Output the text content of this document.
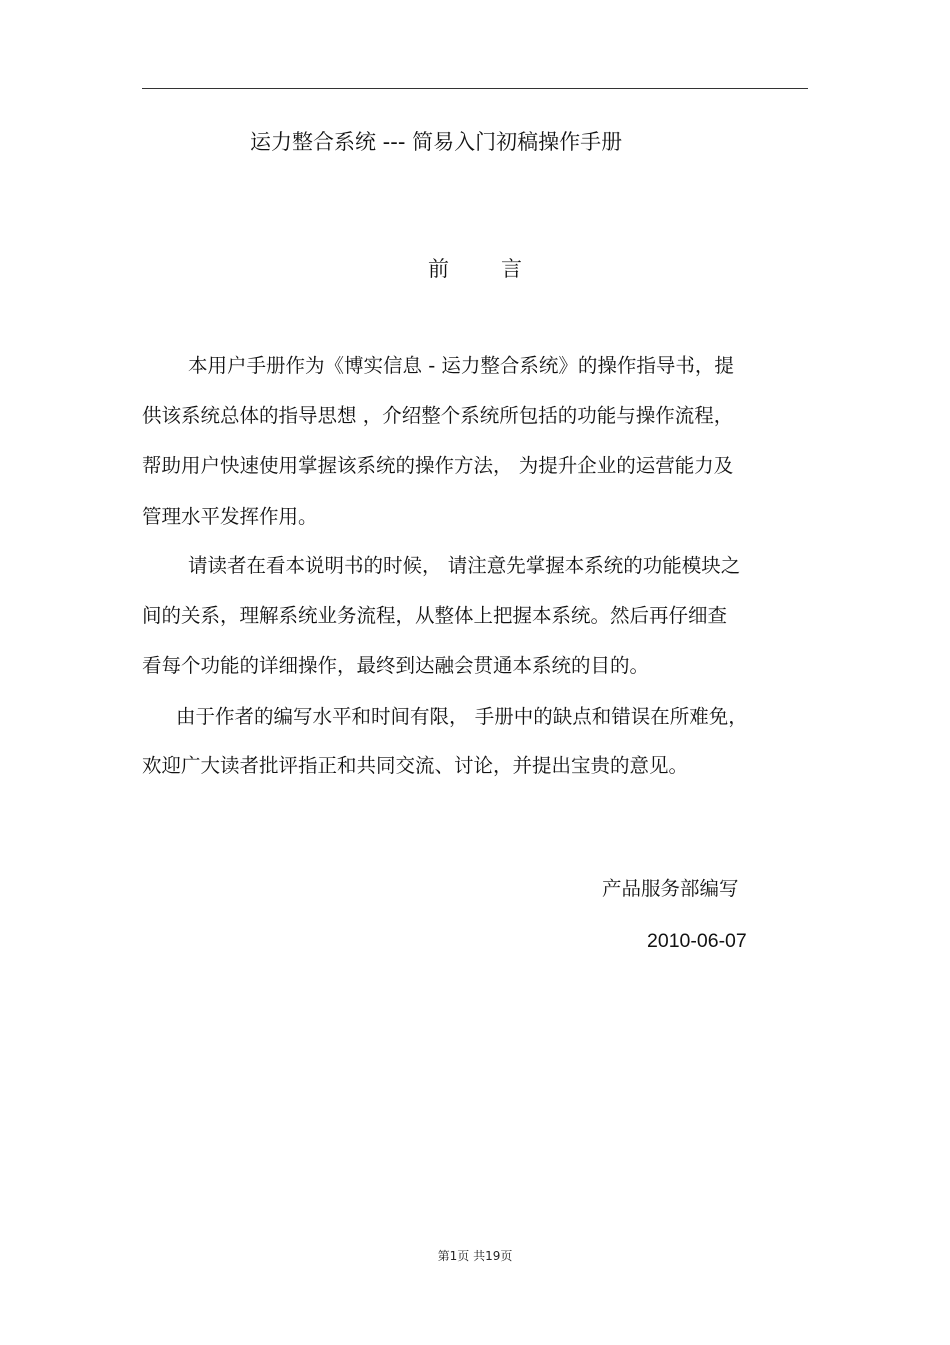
运力整合系统 --- 简易入门初稿操作手册
前言
本用户手册作为《博实信息 - 运力整合系统》的操作指导书，提
供该系统总体的指导思想 ，介绍整个系统所包括的功能与操作流程，
帮助用户快速使用掌握该系统的操作方法， 为提升企业的运营能力及
管理水平发挥作用。
请读者在看本说明书的时候， 请注意先掌握本系统的功能模块之
间的关系，理解系统业务流程，从整体上把握本系统。然后再仔细查
看每个功能的详细操作，最终到达融会贯通本系统的目的。
由于作者的编写水平和时间有限， 手册中的缺点和错误在所难免，
欢迎广大读者批评指正和共同交流、讨论，并提出宝贵的意见。
产品服务部编写
2010-06-07
第1页 共19页
